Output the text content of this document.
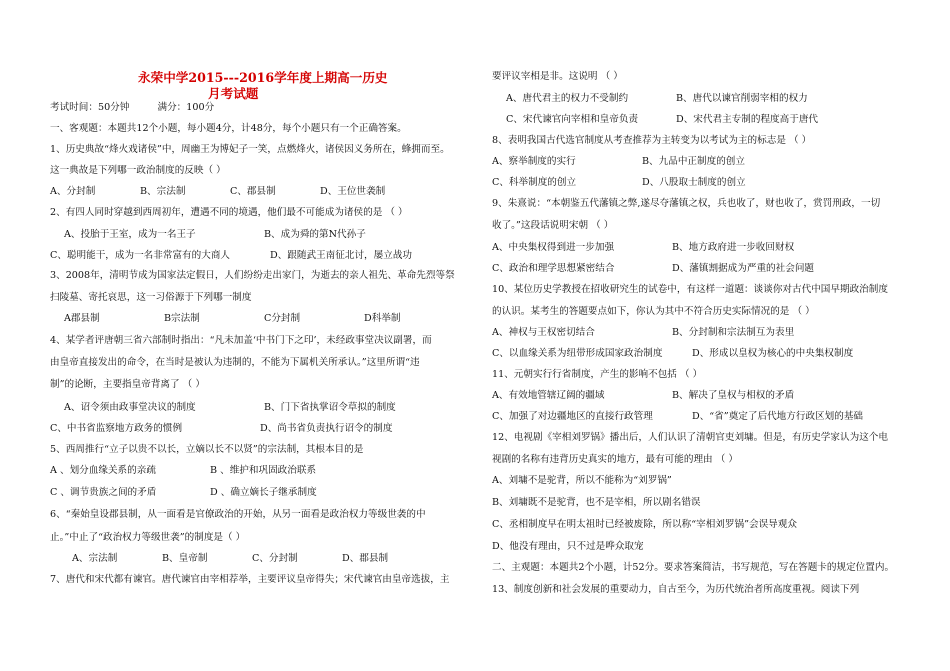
永荣中学2015---2016学年度上期高一历史
月考试题
考试时间：50分钟	满分：100分
一、客观题：本题共12个小题，每小题4分，计48分，每个小题只有一个正确答案。
1、历史典故“烽火戏诸侯”中，周幽王为博妃子一笑，点燃烽火，诸侯因义务所在，蜂拥而至。
这一典故是下列哪一政治制度的反映（ ）
A、分封制	B、宗法制	C、郡县制	D、王位世袭制
2、有四人同时穿越到西周初年，遭遇不同的境遇，他们最不可能成为诸侯的是 （ ）
A、投胎于王室，成为一名王子	B、成为舜的第N代孙子
C、聪明能干，成为一名非常富有的大商人	D、跟随武王南征北讨，屡立战功
3、2008年，清明节成为国家法定假日，人们纷纷走出家门，为逝去的亲人祖先、革命先烈等祭
扫陵墓、寄托哀思，这一习俗源于下列哪一制度
A郡县制	B宗法制	C分封制	D科举制
4、某学者评唐朝三省六部制时指出：“凡未加盖‘中书门下之印’，未经政事堂决议副署，而
由皇帝直接发出的命令，在当时是被认为违制的，不能为下属机关所承认。”这里所谓“违
制”的论断，主要指皇帝背离了 （ ）
A、诏令须由政事堂决议的制度	B、门下省执掌诏令草拟的制度
C、中书省监察地方政务的惯例	D、尚书省负责执行诏令的制度
5、西周推行“立子以贵不以长，立嫡以长不以贤”的宗法制，其根本目的是
A 、划分血缘关系的亲疏	B 、维护和巩固政治联系
C 、调节贵族之间的矛盾	D 、确立嫡长子继承制度
6、“秦始皇设郡县制，从一面看是官僚政治的开始，从另一面看是政治权力等级世袭的中
止。”中止了“政治权力等级世袭”的制度是（ ）
A、宗法制	B、皇帝制	C、分封制	D、郡县制
7、唐代和宋代都有谏官。唐代谏官由宰相荐举，主要评议皇帝得失；宋代谏官由皇帝选拔，主
要评议宰相是非。这说明 （ ）
A、唐代君主的权力不受制约	B、唐代以谏官削弱宰相的权力
C、宋代谏官向宰相和皇帝负责	D、宋代君主专制的程度高于唐代
8、表明我国古代选官制度从考查推荐为主转变为以考试为主的标志是 （ ）
A、察举制度的实行	B、九品中正制度的创立
C、科举制度的创立	D、八股取士制度的创立
9、朱熹说：“本朝鉴五代藩镇之弊,遂尽夺藩镇之权，兵也收了，财也收了，赏罚刑政，一切
收了。”这段话说明宋朝 （ ）
A、中央集权得到进一步加强	B、地方政府进一步收回财权
C、政治和理学思想紧密结合	D、藩镇割据成为严重的社会问题
10、某位历史学教授在招收研究生的试卷中，有这样一道题：谈谈你对古代中国早期政治制度
的认识。某考生的答题要点如下，你认为其中不符合历史实际情况的是 （ ）
A、神权与王权密切结合	B、分封制和宗法制互为表里
C、以血缘关系为纽带形成国家政治制度	D、形成以皇权为核心的中央集权制度
11、元朝实行行省制度，产生的影响不包括 （ ）
A、有效地管辖辽阔的疆域	B、解决了皇权与相权的矛盾
C、加强了对边疆地区的直接行政管理	D、“省”奠定了后代地方行政区划的基础
12、电视剧《宰相刘罗锅》播出后，人们认识了清朝官吏刘墉。但是，有历史学家认为这个电
视剧的名称有违背历史真实的地方，最有可能的理由 （ ）
A、刘墉不是驼背，所以不能称为“刘罗锅”
B、刘墉既不是驼背，也不是宰相，所以剧名错误
C、丞相制度早在明太祖时已经被废除，所以称“宰相刘罗锅”会误导观众
D、他没有理由，只不过是哗众取宠
二、主观题：本题共2个小题，计52分。要求答案简洁，书写规范，写在答题卡的规定位置内。
13、制度创新和社会发展的重要动力，自古至今，为历代统治者所高度重视。阅读下列
